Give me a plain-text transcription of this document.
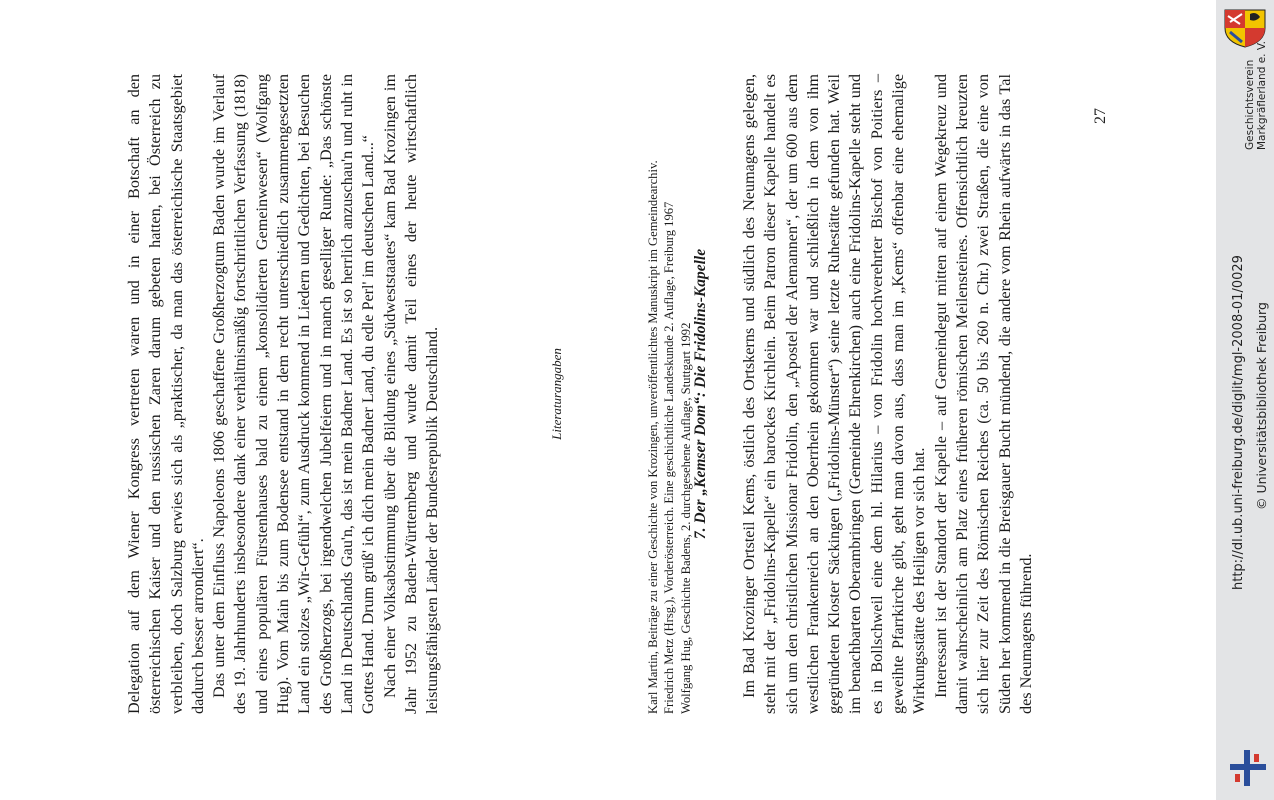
Delegation auf dem Wiener Kongress vertreten waren und in einer Botschaft an den österreichischen Kaiser und den russischen Zaren darum gebeten hatten, bei Österreich zu verbleiben, doch Salzburg erwies sich als „praktischer, da man das österreichische Staatsgebiet dadurch besser arrondiert“. Das unter dem Einfluss Napoleons 1806 geschaffene Großherzogtum Baden wurde im Verlauf des 19. Jahrhunderts insbesondere dank einer verhältnismäßig fortschrittlichen Verfassung (1818) und eines populären Fürstenhauses bald zu einem „konsolidierten Gemeinwesen“ (Wolfgang Hug). Vom Main bis zum Bodensee entstand in dem recht unterschiedlich zusammengesetzten Land ein stolzes „Wir-Gefühl“, zum Ausdruck kommend in Liedern und Gedichten, bei Besuchen des Großherzogs, bei irgendwelchen Jubelfeiern und in manch geselliger Runde: „Das schönste Land in Deutschlands Gau'n, das ist mein Badner Land. Es ist so herrlich anzuschau'n und ruht in Gottes Hand. Drum grüß' ich dich mein Badner Land, du edle Perl' im deutschen Land...“ Nach einer Volksabstimmung über die Bildung eines „Südweststaates“ kam Bad Krozingen im Jahr 1952 zu Baden-Württemberg und wurde damit Teil eines der heute wirtschaftlich leistungsfähigsten Länder der Bundesrepublik Deutschland.	Literaturangaben	Karl Martin, Beiträge zu einer Geschichte von Krozingen, unveröffentlichtes Manuskript im Gemeindearchiv. Friedrich Metz (Hrsg.), Vorderösterreich. Eine geschichtliche Landeskunde 2. Auflage, Freiburg 1967 Wolfgang Hug, Geschichte Badens, 2. durchgesehene Auflage, Stuttgart 1992 7. Der „Kemser Dom“: Die Fridolins-Kapelle Im Bad Krozinger Ortsteil Kems, östlich des Ortskerns und südlich des Neumagens gelegen, steht mit der „Fridolins-Kapelle“ ein barockes Kirchlein. Beim Patron dieser Kapelle handelt es sich um den christlichen Missionar Fridolin, den „Apostel der Alemannen“, der um 600 aus dem westlichen Frankenreich an den Oberrhein gekommen war und schließlich in dem von ihm gegründeten Kloster Säckingen („Fridolins-Münster“) seine letzte Ruhestätte gefunden hat. Weil im benachbarten Oberambringen (Gemeinde Ehrenkirchen) auch eine Fridolins-Kapelle steht und es in Bollschweil eine dem hl. Hilarius – von Fridolin hochverehrter Bischof von Poitiers – geweihte Pfarrkirche gibt, geht man davon aus, dass man im „Kems“ offenbar eine ehemalige Wirkungsstätte des Heiligen vor sich hat. Interessant ist der Standort der Kapelle – auf Gemeindegut mitten auf einem Wegekreuz und damit wahrscheinlich am Platz eines früheren römischen Meilensteines. Offensichtlich kreuzten sich hier zur Zeit des Römischen Reiches (ca. 50 bis 260 n. Chr.) zwei Straßen, die eine von Süden her kommend in die Breisgauer Bucht mündend, die andere vom Rhein aufwärts in das Tal des Neumagens führend.

27	Geschichtsverein Markgräflerland e. V.
http://dl.ub.uni-freiburg.de/diglit/mgl-2008-01/0029 © Universitätsbibliothek Freiburg
